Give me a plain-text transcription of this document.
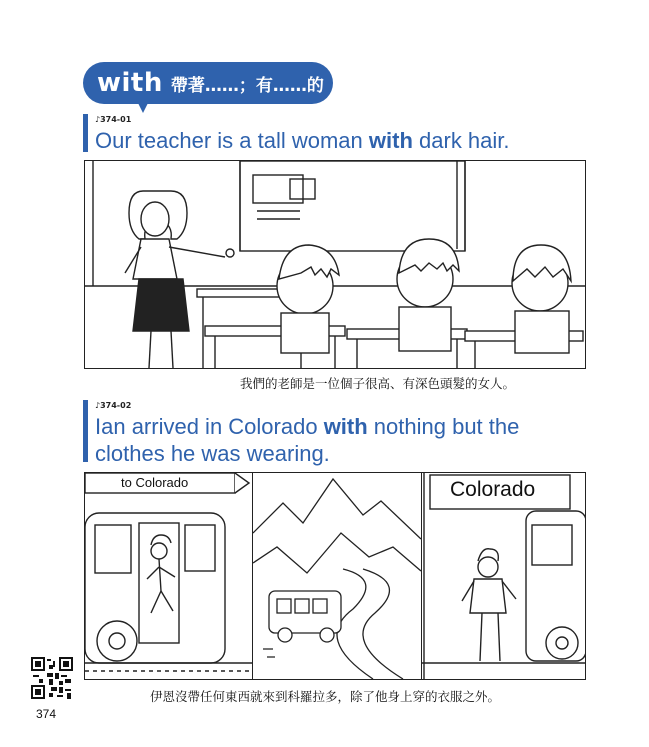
with 帶著……；有……的
♪374-01
Our teacher is a tall woman with dark hair.
我們的老師是一位個子很高、有深色頭髮的女人。
♪374-02
Ian arrived in Colorado with nothing but the
clothes he was wearing.
to Colorado	Colorado
伊恩沒帶任何東西就來到科羅拉多，除了他身上穿的衣服之外。
374
